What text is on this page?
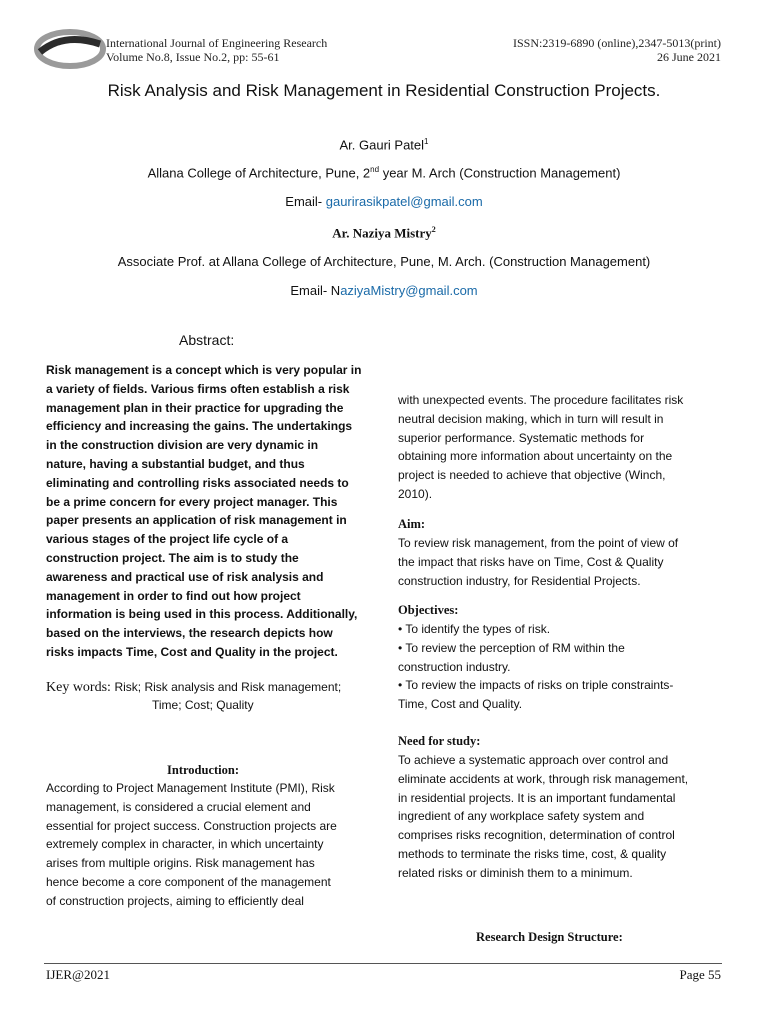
IJER International Journal of Engineering Research
Volume No.8, Issue No.2, pp: 55-61
ISSN:2319-6890 (online),2347-5013(print)
26 June 2021
Risk Analysis and Risk Management in Residential Construction Projects.
Ar. Gauri Patel$^1$
Allana College of Architecture, Pune, 2nd year M. Arch (Construction Management)
Email- gaurirasikpatel@gmail.com
Ar. Naziya Mistry$^2$
Associate Prof. at Allana College of Architecture, Pune, M. Arch. (Construction Management)
Email- NaziyaMistry@gmail.com
Abstract:
Risk management is a concept which is very popular in
a variety of fields. Various firms often establish a risk
management plan in their practice for upgrading the
efficiency and increasing the gains. The undertakings
in the construction division are very dynamic in
nature, having a substantial budget, and thus
eliminating and controlling risks associated needs to
be a prime concern for every project manager. This
paper presents an application of risk management in
various stages of the project life cycle of a
construction project. The aim is to study the
awareness and practical use of risk analysis and
management in order to find out how project
information is being used in this process. Additionally,
based on the interviews, the research depicts how
risks impacts Time, Cost and Quality in the project.
Key words: Risk; Risk analysis and Risk management;
Time; Cost; Quality
Introduction:
According to Project Management Institute (PMI), Risk
management, is considered a crucial element and
essential for project success. Construction projects are
extremely complex in character, in which uncertainty
arises from multiple origins. Risk management has
hence become a core component of the management
of construction projects, aiming to efficiently deal
with unexpected events. The procedure facilitates risk
neutral decision making, which in turn will result in
superior performance. Systematic methods for
obtaining more information about uncertainty on the
project is needed to achieve that objective (Winch,
2010).
Aim:
To review risk management, from the point of view of
the impact that risks have on Time, Cost & Quality
construction industry, for Residential Projects.
Objectives:
• To identify the types of risk.
• To review the perception of RM within the
construction industry.
• To review the impacts of risks on triple constraints-
Time, Cost and Quality.
Need for study:
To achieve a systematic approach over control and
eliminate accidents at work, through risk management,
in residential projects. It is an important fundamental
ingredient of any workplace safety system and
comprises risks recognition, determination of control
methods to terminate the risks time, cost, & quality
related risks or diminish them to a minimum.
Research Design Structure:
IJER@2021	Page 55
